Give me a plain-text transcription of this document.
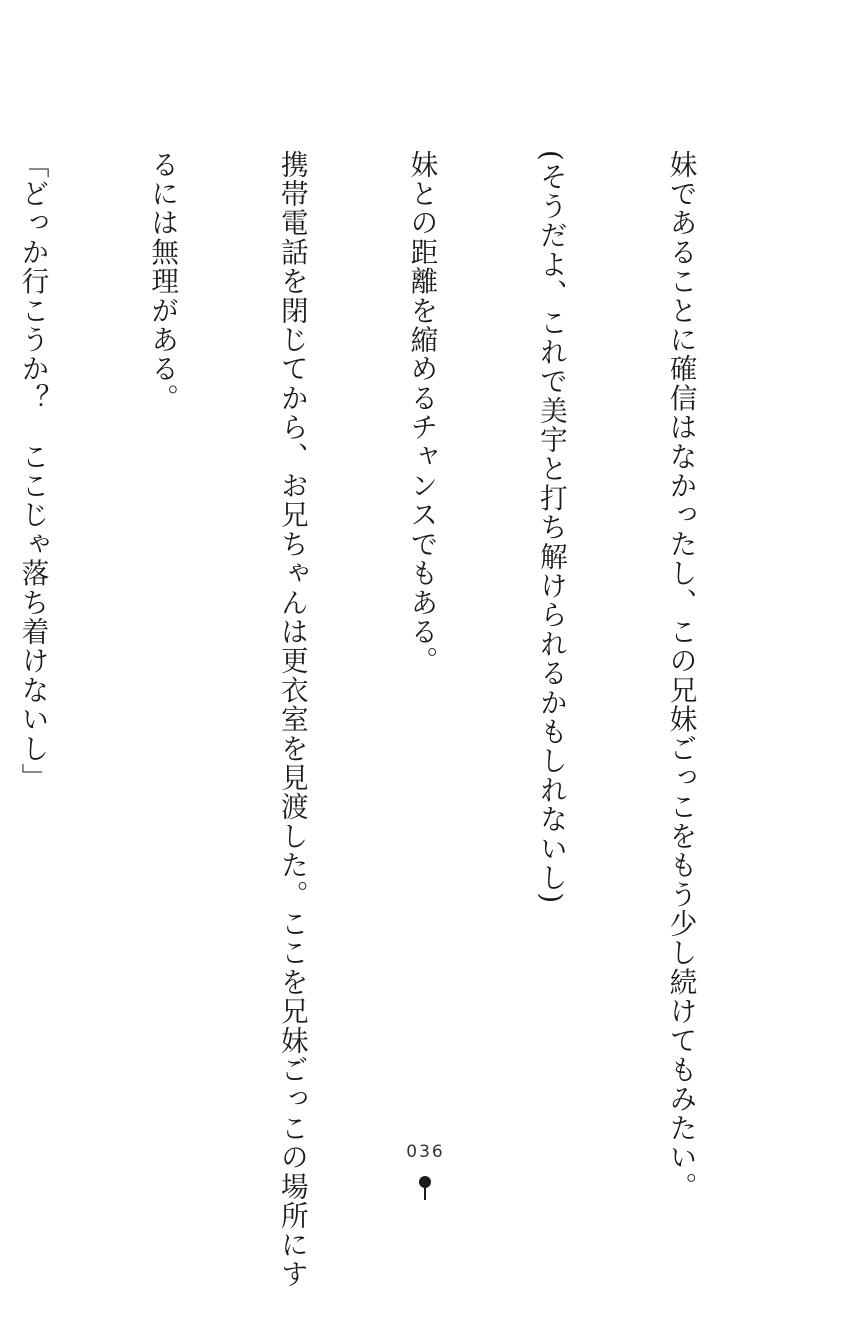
妹であることに確信はなかったし、この兄妹ごっこをもう少し続けてもみたい。

(そうだよ、これで美宇と打ち解けられるかもしれないし)

妹との距離を縮めるチャンスでもある。

携帯電話を閉じてから、お兄ちゃんは更衣室を見渡した。ここを兄妹ごっこの場所にす

るには無理がある。

「どっか行こうか？　ここじゃ落ち着けないし」

036
